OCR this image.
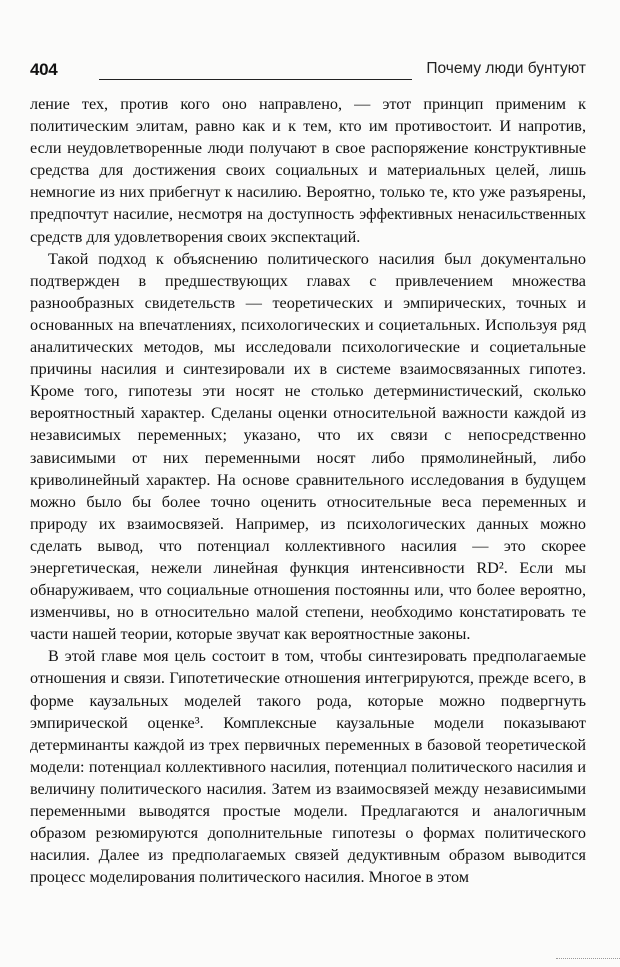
404	Почему люди бунтуют

ление тех, против кого оно направлено, — этот принцип применим к политическим элитам, равно как и к тем, кто им противостоит. И напротив, если неудовлетворенные люди получают в свое распоряжение конструктивные средства для достижения своих социальных и материальных целей, лишь немногие из них прибегнут к насилию. Вероятно, только те, кто уже разъярены, предпочтут насилие, несмотря на доступность эффективных ненасильственных средств для удовлетворения своих экспектаций.

Такой подход к объяснению политического насилия был документально подтвержден в предшествующих главах с привлечением множества разнообразных свидетельств — теоретических и эмпирических, точных и основанных на впечатлениях, психологических и социетальных. Используя ряд аналитических методов, мы исследовали психологические и социетальные причины насилия и синтезировали их в системе взаимосвязанных гипотез. Кроме того, гипотезы эти носят не столько детерминистический, сколько вероятностный характер. Сделаны оценки относительной важности каждой из независимых переменных; указано, что их связи с непосредственно зависимыми от них переменными носят либо прямолинейный, либо криволинейный характер. На основе сравнительного исследования в будущем можно было бы более точно оценить относительные веса переменных и природу их взаимосвязей. Например, из психологических данных можно сделать вывод, что потенциал коллективного насилия — это скорее энергетическая, нежели линейная функция интенсивности RD². Если мы обнаруживаем, что социальные отношения постоянны или, что более вероятно, изменчивы, но в относительно малой степени, необходимо констатировать те части нашей теории, которые звучат как вероятностные законы.

В этой главе моя цель состоит в том, чтобы синтезировать предполагаемые отношения и связи. Гипотетические отношения интегрируются, прежде всего, в форме каузальных моделей такого рода, которые можно подвергнуть эмпирической оценке³. Комплексные каузальные модели показывают детерминанты каждой из трех первичных переменных в базовой теоретической модели: потенциал коллективного насилия, потенциал политического насилия и величину политического насилия. Затем из взаимосвязей между независимыми переменными выводятся простые модели. Предлагаются и аналогичным образом резюмируются дополнительные гипотезы о формах политического насилия. Далее из предполагаемых связей дедуктивным образом выводится процесс моделирования политического насилия. Многое в этом
